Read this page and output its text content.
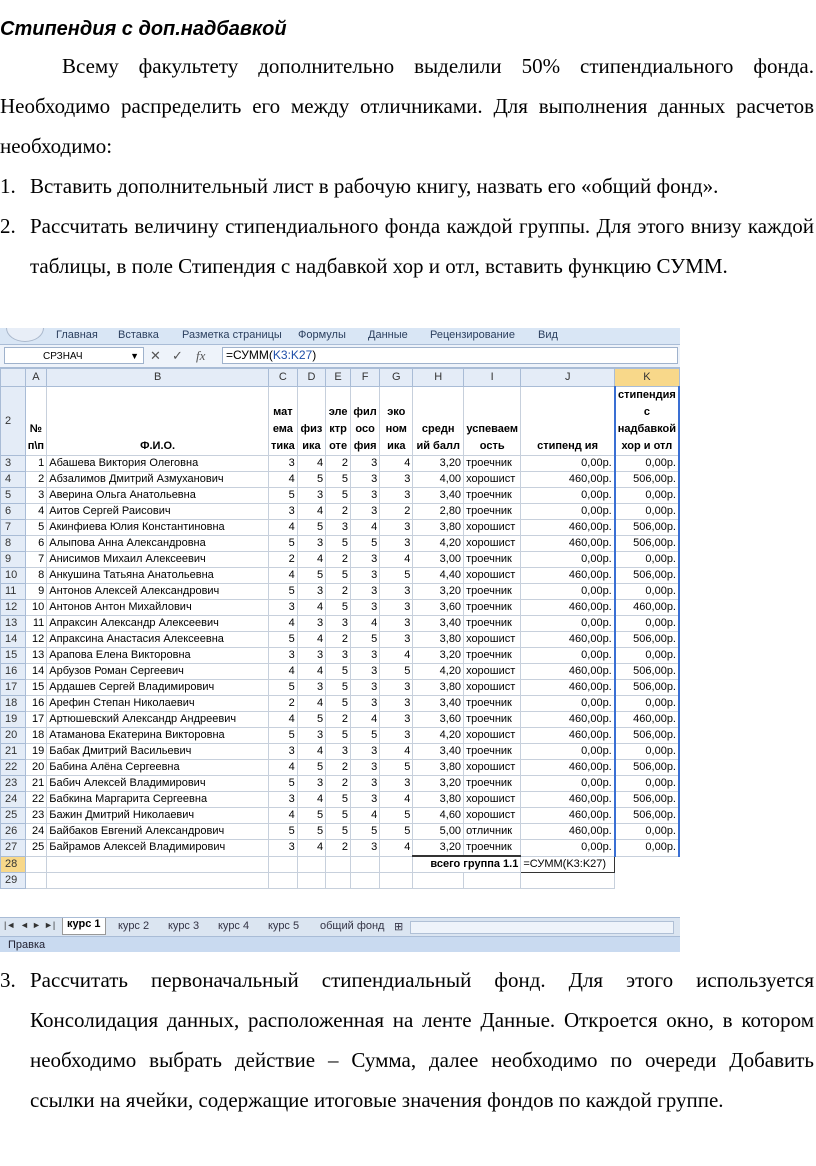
Стипендия с доп.надбавкой

Всему факультету дополнительно выделили 50% стипендиального фонда. Необходимо распределить его между отличниками. Для выполнения данных расчетов необходимо:

1. Вставить дополнительный лист в рабочую книгу, назвать его «общий фонд».
2. Рассчитать величину стипендиального фонда каждой группы. Для этого внизу каждой таблицы, в поле Стипендия с надбавкой хор и отл, вставить функцию СУММ.
Главная Вставка Разметка страницы Формулы Данные Рецензирование Вид
СРЗНАЧ	▼ ✕ ✓ fx	=СУММ(K3:K27)
	A	B	C	D	E	F	G	H	I	J	K
2	№ п\п	Ф.И.О.	мат ема тика	физ ика	эле ктр оте	фил осо фия	эко ном ика	средн ий балл	успеваем ость	стипенд ия	стипендия с надбавкой хор и отл
3	1	Абашева Виктория Олеговна	3	4	2	3	4	3,20	троечник	0,00р.	0,00р.
4	2	Абзалимов Дмитрий Азмуханович	4	5	5	3	3	4,00	хорошист	460,00р.	506,00р.
5	3	Аверина Ольга Анатольевна	5	3	5	3	3	3,40	троечник	0,00р.	0,00р.
6	4	Аитов Сергей Раисович	3	4	2	3	2	2,80	троечник	0,00р.	0,00р.
7	5	Акинфиева Юлия Константиновна	4	5	3	4	3	3,80	хорошист	460,00р.	506,00р.
8	6	Алыпова Анна Александровна	5	3	5	5	3	4,20	хорошист	460,00р.	506,00р.
9	7	Анисимов Михаил Алексеевич	2	4	2	3	4	3,00	троечник	0,00р.	0,00р.
10	8	Анкушина Татьяна Анатольевна	4	5	5	3	5	4,40	хорошист	460,00р.	506,00р.
11	9	Антонов Алексей Александрович	5	3	2	3	3	3,20	троечник	0,00р.	0,00р.
12	10	Антонов Антон Михайлович	3	4	5	3	3	3,60	троечник	460,00р.	460,00р.
13	11	Апраксин Александр Алексеевич	4	3	3	4	3	3,40	троечник	0,00р.	0,00р.
14	12	Апраксина Анастасия Алексеевна	5	4	2	5	3	3,80	хорошист	460,00р.	506,00р.
15	13	Арапова Елена Викторовна	3	3	3	3	4	3,20	троечник	0,00р.	0,00р.
16	14	Арбузов Роман Сергеевич	4	4	5	3	5	4,20	хорошист	460,00р.	506,00р.
17	15	Ардашев Сергей Владимирович	5	3	5	3	3	3,80	хорошист	460,00р.	506,00р.
18	16	Арефин Степан Николаевич	2	4	5	3	3	3,40	троечник	0,00р.	0,00р.
19	17	Артюшевский Александр Андреевич	4	5	2	4	3	3,60	троечник	460,00р.	460,00р.
20	18	Атаманова Екатерина Викторовна	5	3	5	5	3	4,20	хорошист	460,00р.	506,00р.
21	19	Бабак Дмитрий Васильевич	3	4	3	3	4	3,40	троечник	0,00р.	0,00р.
22	20	Бабина Алёна Сергеевна	4	5	2	3	5	3,80	хорошист	460,00р.	506,00р.
23	21	Бабич Алексей Владимирович	5	3	2	3	3	3,20	троечник	0,00р.	0,00р.
24	22	Бабкина Маргарита Сергеевна	3	4	5	3	4	3,80	хорошист	460,00р.	506,00р.
25	23	Бажин Дмитрий Николаевич	4	5	5	4	5	4,60	хорошист	460,00р.	506,00р.
26	24	Байбаков Евгений Александрович	5	5	5	5	5	5,00	отличник	460,00р.	0,00р.
27	25	Байрамов Алексей Владимирович	3	4	2	3	4	3,20	троечник	0,00р.	0,00р.
28								всего группа 1.1		=СУММ(K3:K27)	
29											
|◄ ◄ ► ►|	курс 1	курс 2 курс 3 курс 4 курс 5 общий фонд ⊞
Правка
3. Рассчитать первоначальный стипендиальный фонд. Для этого используется Консолидация данных, расположенная на ленте Данные. Откроется окно, в котором необходимо выбрать действие – Сумма, далее необходимо по очереди Добавить ссылки на ячейки, содержащие итоговые значения фондов по каждой группе.
